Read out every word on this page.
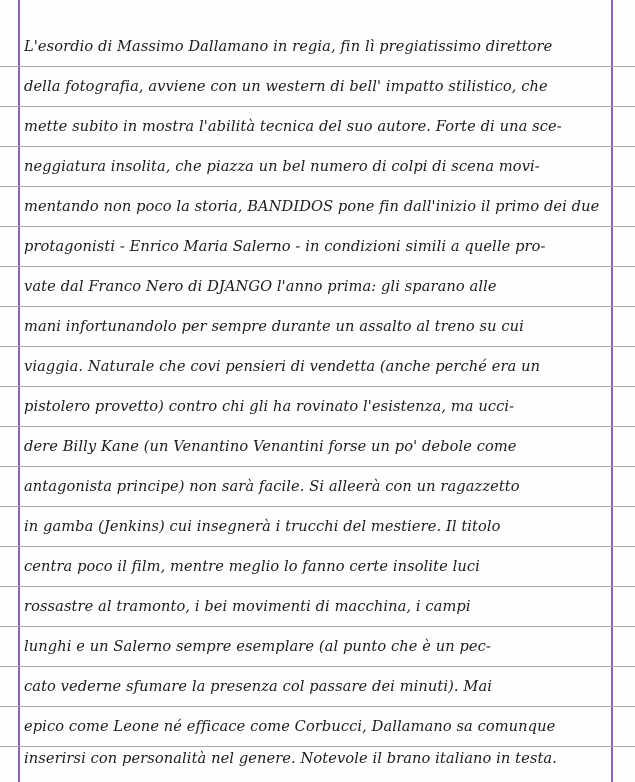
L'esordio di Massimo Dallamano in regia, fin lì pregiatissimo direttore
della fotografia, avviene con un western di bell' impatto stilistico, che
mette subito in mostra l'abilità tecnica del suo autore. Forte di una sce-
neggiatura insolita, che piazza un bel numero di colpi di scena movi-
mentando non poco la storia, BANDIDOS pone fin dall'inizio il primo dei due
protagonisti - Enrico Maria Salerno - in condizioni simili a quelle pro-
vate dal Franco Nero di DJANGO l'anno prima: gli sparano alle
mani infortunandolo per sempre durante un assalto al treno su cui
viaggia. Naturale che covi pensieri di vendetta (anche perché era un
pistolero provetto) contro chi gli ha rovinato l'esistenza, ma ucci-
dere Billy Kane (un Venantino Venantini forse un po' debole come
antagonista principe) non sarà facile. Si alleerà con un ragazzetto
in gamba (Jenkins) cui insegnerà i trucchi del mestiere. Il titolo
centra poco il film, mentre meglio lo fanno certe insolite luci
rossastre al tramonto, i bei movimenti di macchina, i campi
lunghi e un Salerno sempre esemplare (al punto che è un pec-
cato vederne sfumare la presenza col passare dei minuti). Mai
epico come Leone né efficace come Corbucci, Dallamano sa comunque
inserirsi con personalità nel genere. Notevole il brano italiano in testa.
